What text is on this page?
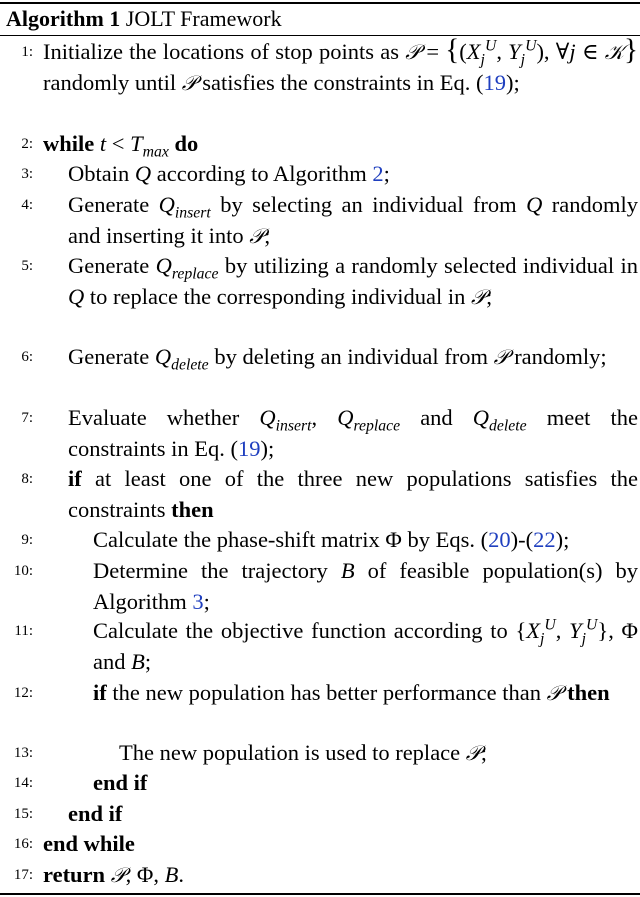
Algorithm 1 JOLT Framework
1: Initialize the locations of stop points as 𝒫 = {($X_j^U$, $Y_j^U$), ∀j ∈ 𝒦} randomly until 𝒫 satisfies the constraints in Eq. (19);
2: while $t < T_{max}$ do
3: Obtain Q according to Algorithm 2;
4: Generate $Q_{insert}$ by selecting an individual from Q randomly and inserting it into 𝒫;
5: Generate $Q_{replace}$ by utilizing a randomly selected individual in Q to replace the corresponding individual in 𝒫;
6: Generate $Q_{delete}$ by deleting an individual from 𝒫 randomly;
7: Evaluate whether $Q_{insert}$, $Q_{replace}$ and $Q_{delete}$ meet the constraints in Eq. (19);
8: if at least one of the three new populations satisfies the constraints then
9:	Calculate the phase-shift matrix Φ by Eqs. (20)-(22);
10:	Determine the trajectory B of feasible population(s) by Algorithm 3;
11:	Calculate the objective function according to {$X_j^U$, $Y_j^U$}, Φ and B;
12:	if the new population has better performance than 𝒫 then
13:	The new population is used to replace 𝒫;
14:	end if
15: end if
16: end while
17: return 𝒫, Φ, B.
